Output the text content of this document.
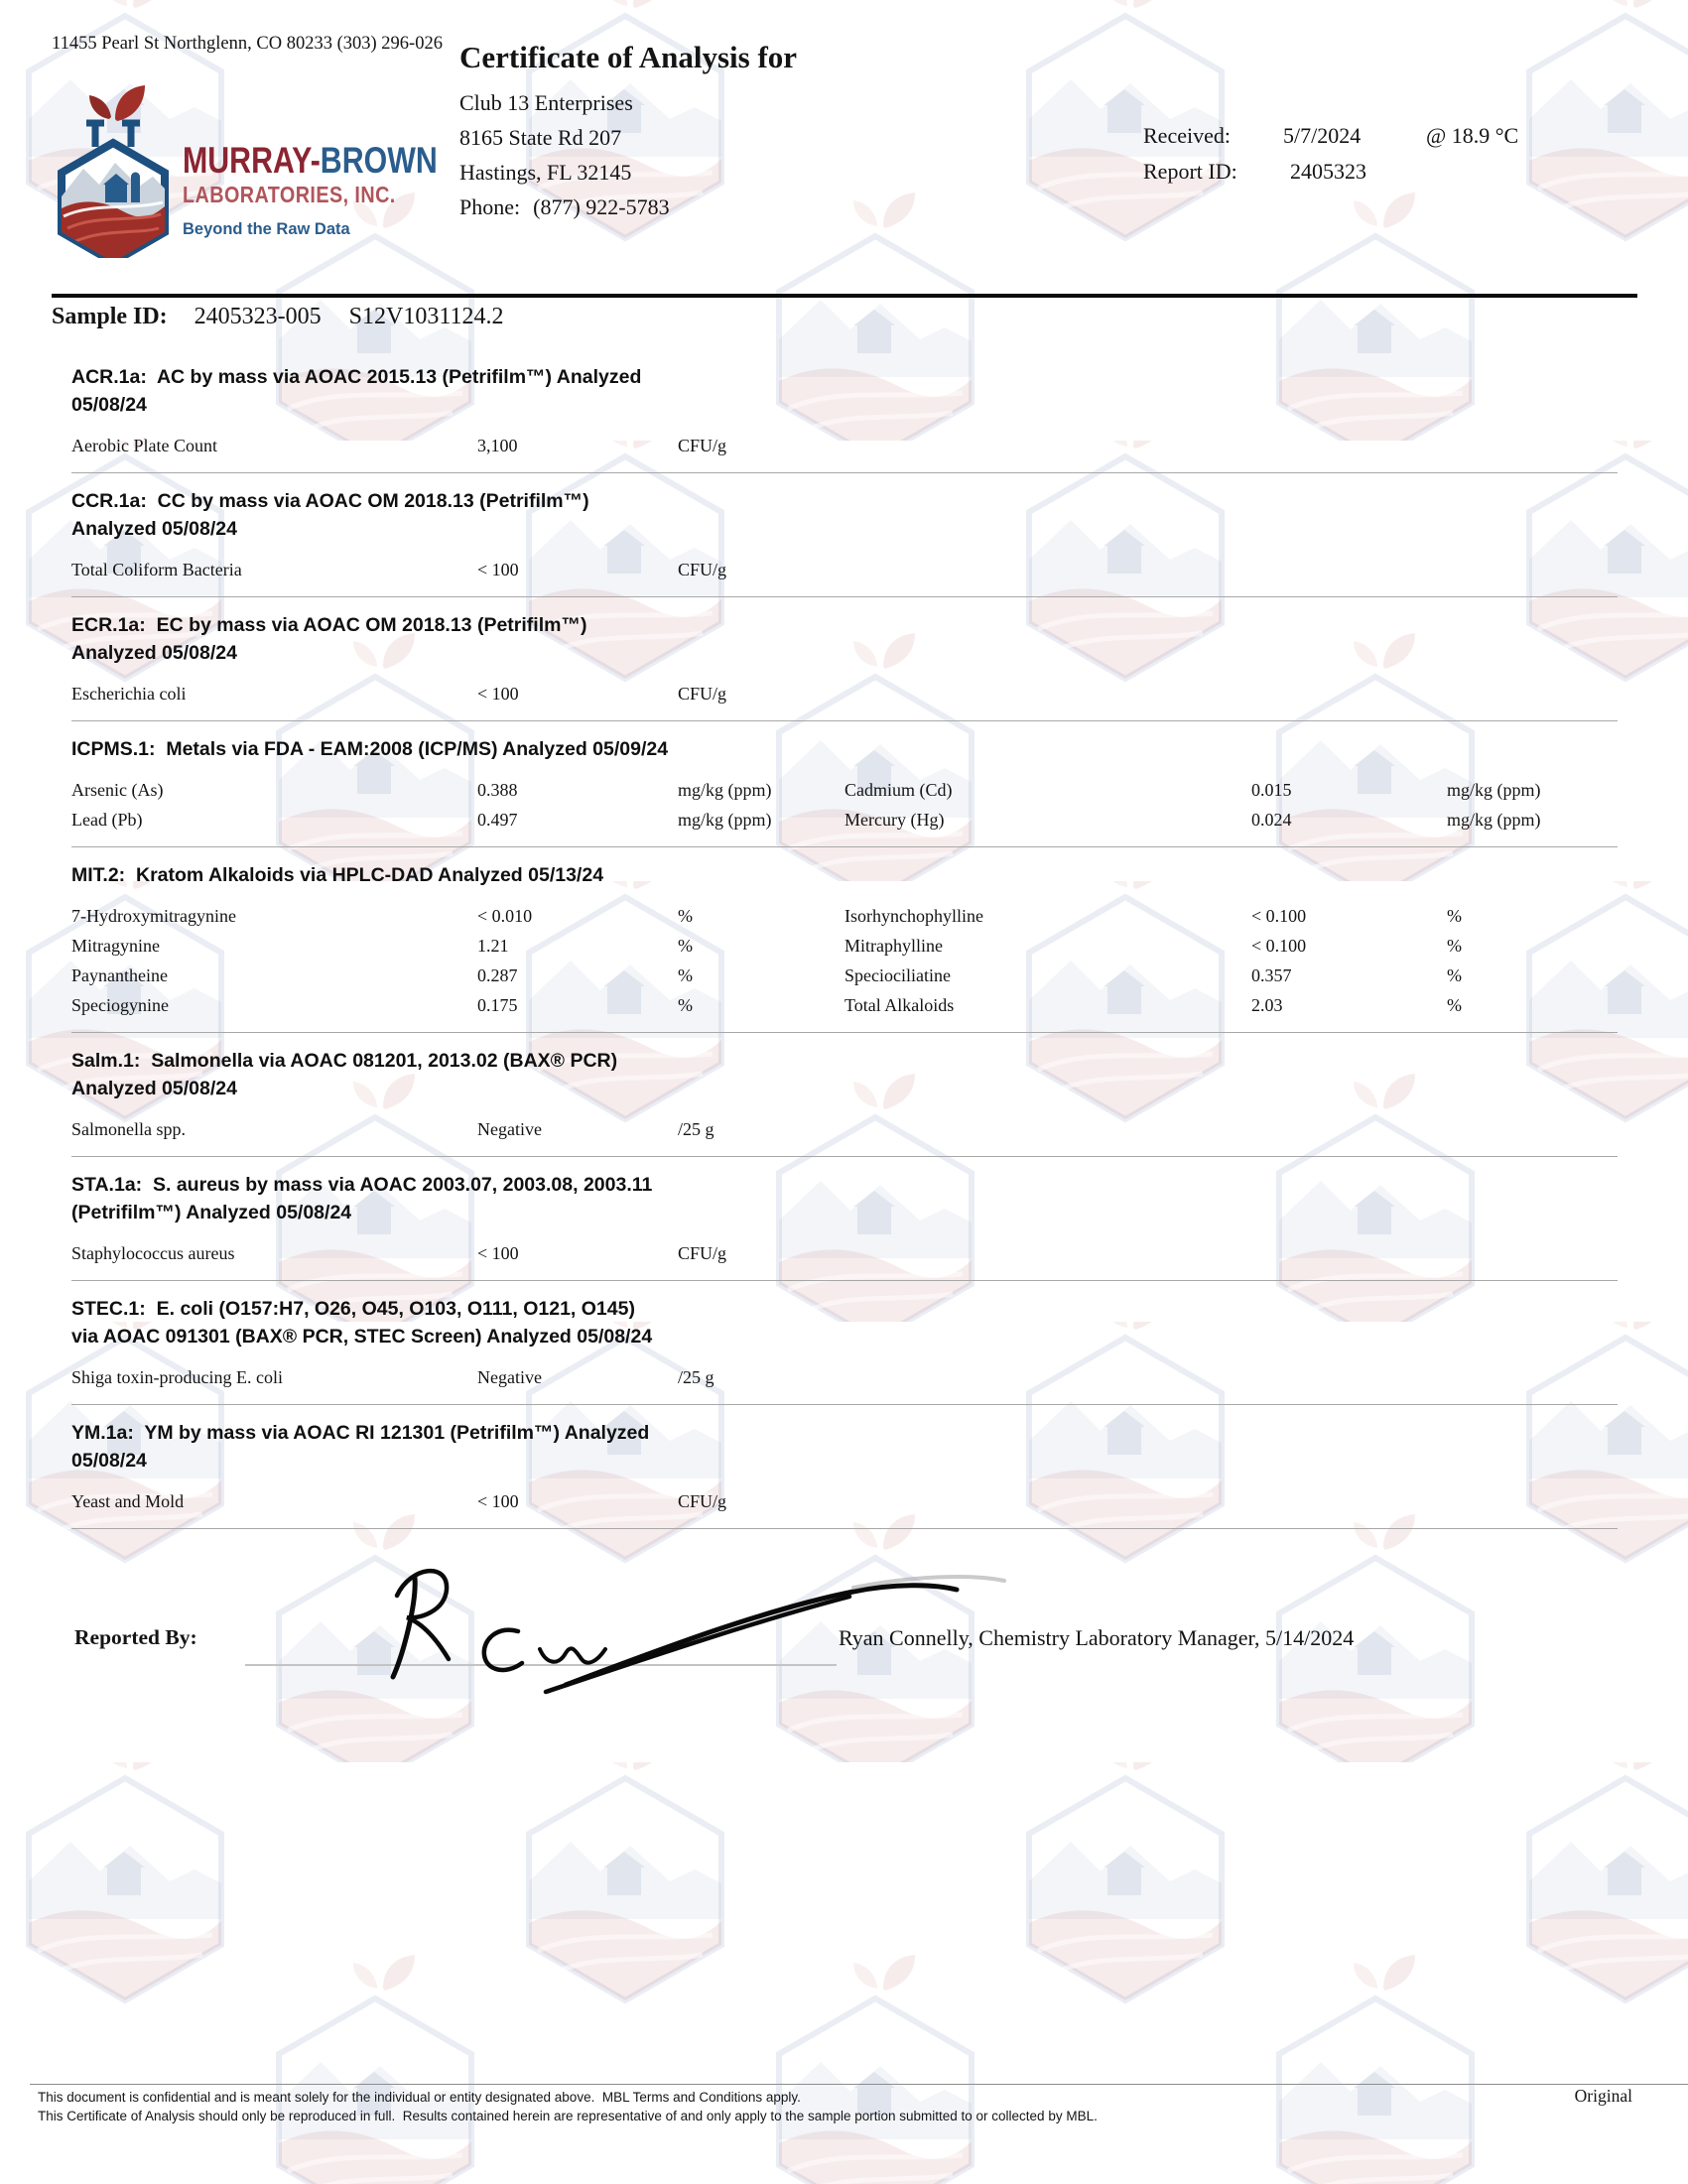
11455 Pearl St Northglenn, CO 80233 (303) 296-026
MURRAY-BROWN
LABORATORIES, INC.
Beyond the Raw Data
Certificate of Analysis for
Club 13 Enterprises
8165 State Rd 207
Hastings, FL 32145
Phone: (877) 922-5783
Received: 5/7/2024	@ 18.9 °C
Report ID: 2405323
Sample ID: 2405323-005 S12V1031124.2
ACR.1a:  AC by mass via AOAC 2015.13 (Petrifilm™) Analyzed
05/08/24
Aerobic Plate Count	3,100	CFU/g
CCR.1a:  CC by mass via AOAC OM 2018.13 (Petrifilm™)
Analyzed 05/08/24
Total Coliform Bacteria	< 100	CFU/g
ECR.1a:  EC by mass via AOAC OM 2018.13 (Petrifilm™)
Analyzed 05/08/24
Escherichia coli	< 100	CFU/g
ICPMS.1:  Metals via FDA - EAM:2008 (ICP/MS) Analyzed 05/09/24
Arsenic (As)	0.388	mg/kg (ppm)	Cadmium (Cd)	0.015	mg/kg (ppm)
Lead (Pb)	0.497	mg/kg (ppm)	Mercury (Hg)	0.024	mg/kg (ppm)
MIT.2:  Kratom Alkaloids via HPLC-DAD Analyzed 05/13/24
7-Hydroxymitragynine	< 0.010	%	Isorhynchophylline	< 0.100	%
Mitragynine	1.21	%	Mitraphylline	< 0.100	%
Paynantheine	0.287	%	Speciociliatine	0.357	%
Speciogynine	0.175	%	Total Alkaloids	2.03	%
Salm.1:  Salmonella via AOAC 081201, 2013.02 (BAX® PCR)
Analyzed 05/08/24
Salmonella spp.	Negative	/25 g
STA.1a:  S. aureus by mass via AOAC 2003.07, 2003.08, 2003.11
(Petrifilm™) Analyzed 05/08/24
Staphylococcus aureus	< 100	CFU/g
STEC.1:  E. coli (O157:H7, O26, O45, O103, O111, O121, O145)
via AOAC 091301 (BAX® PCR, STEC Screen) Analyzed 05/08/24
Shiga toxin-producing E. coli	Negative	/25 g
YM.1a:  YM by mass via AOAC RI 121301 (Petrifilm™) Analyzed
05/08/24
Yeast and Mold	< 100	CFU/g
Reported By:	Ryan Connelly, Chemistry Laboratory Manager, 5/14/2024
This document is confidential and is meant solely for the individual or entity designated above.  MBL Terms and Conditions apply.
This Certificate of Analysis should only be reproduced in full.  Results contained herein are representative of and only apply to the sample portion submitted to or collected by MBL.
Original
